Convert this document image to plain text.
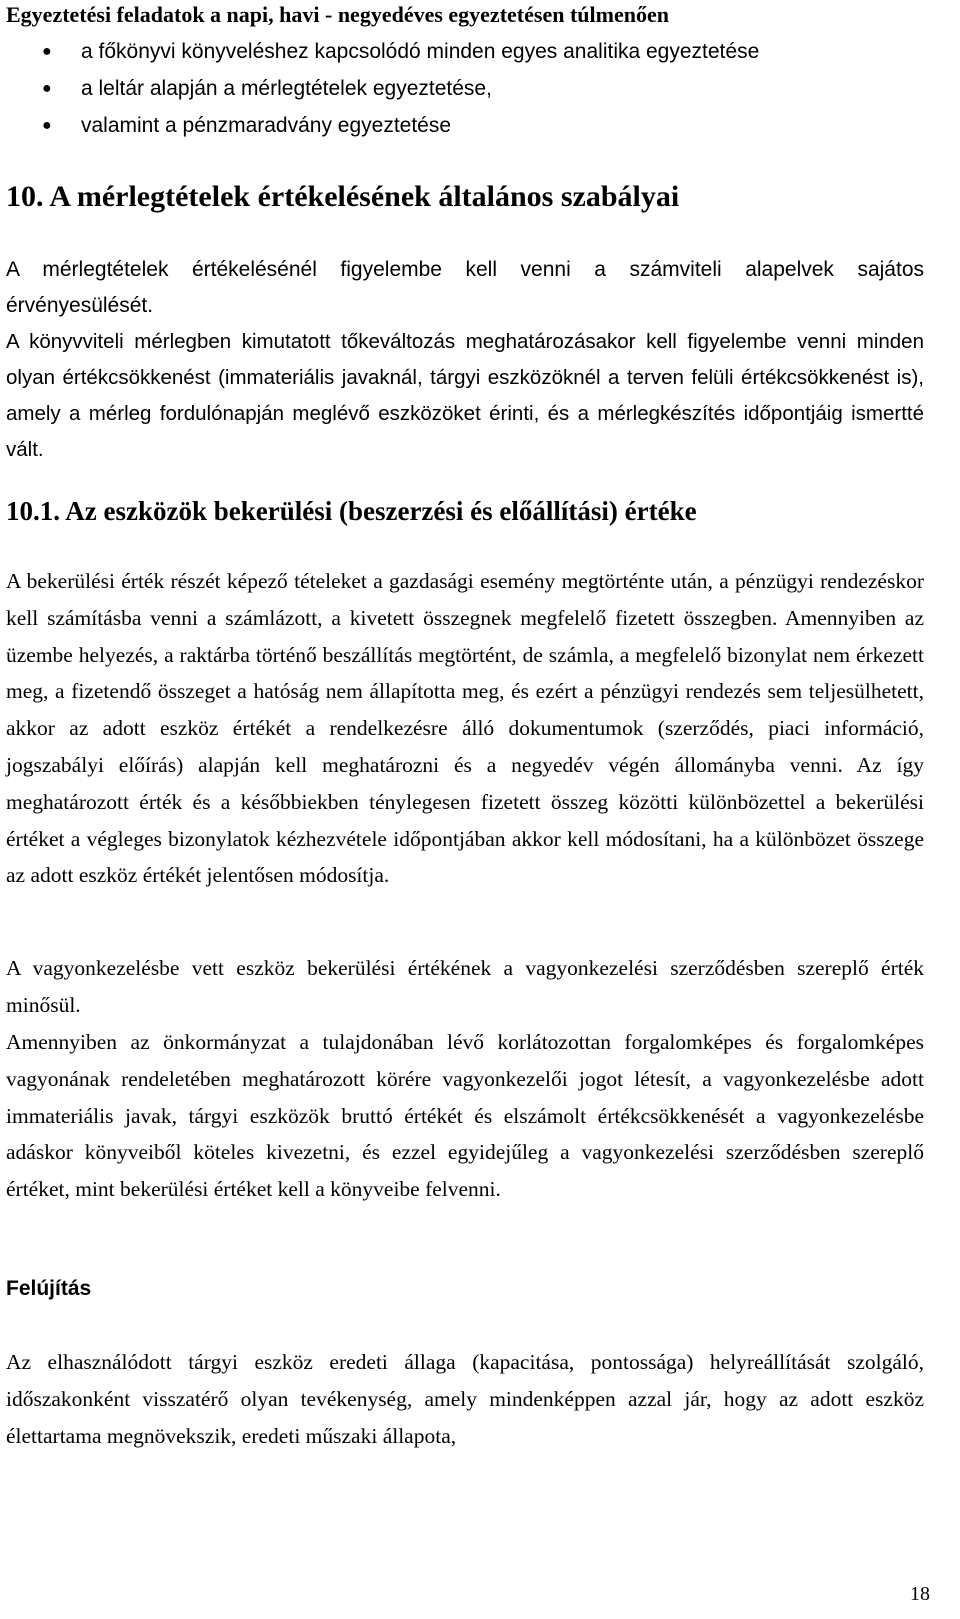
Egyeztetési feladatok a napi, havi - negyedéves egyeztetésen túlmenően
● a főkönyvi könyveléshez kapcsolódó minden egyes analitika egyeztetése
● a leltár alapján a mérlegtételek egyeztetése,
● valamint a pénzmaradvány egyeztetése
10. A mérlegtételek értékelésének általános szabályai

A mérlegtételek értékelésénél figyelembe kell venni a számviteli alapelvek sajátos érvényesülését.

A könyvviteli mérlegben kimutatott tőkeváltozás meghatározásakor kell figyelembe venni minden olyan értékcsökkenést (immateriális javaknál, tárgyi eszközöknél a terven felüli értékcsökkenést is), amely a mérleg fordulónapján meglévő eszközöket érinti, és a mérlegkészítés időpontjáig ismertté vált.

10.1. Az eszközök bekerülési (beszerzési és előállítási) értéke

A bekerülési érték részét képező tételeket a gazdasági esemény megtörténte után, a pénzügyi rendezéskor kell számításba venni a számlázott, a kivetett összegnek megfelelő fizetett összegben. Amennyiben az üzembe helyezés, a raktárba történő beszállítás megtörtént, de számla, a megfelelő bizonylat nem érkezett meg, a fizetendő összeget a hatóság nem állapította meg, és ezért a pénzügyi rendezés sem teljesülhetett, akkor az adott eszköz értékét a rendelkezésre álló dokumentumok (szerződés, piaci információ, jogszabályi előírás) alapján kell meghatározni és a negyedév végén állományba venni. Az így meghatározott érték és a későbbiekben ténylegesen fizetett összeg közötti különbözettel a bekerülési értéket a végleges bizonylatok kézhezvétele időpontjában akkor kell módosítani, ha a különbözet összege az adott eszköz értékét jelentősen módosítja.

A vagyonkezelésbe vett eszköz bekerülési értékének a vagyonkezelési szerződésben szereplő érték minősül.

Amennyiben az önkormányzat a tulajdonában lévő korlátozottan forgalomképes és forgalomképes vagyonának rendeletében meghatározott körére vagyonkezelői jogot létesít, a vagyonkezelésbe adott immateriális javak, tárgyi eszközök bruttó értékét és elszámolt értékcsökkenését a vagyonkezelésbe adáskor könyveiből köteles kivezetni, és ezzel egyidejűleg a vagyonkezelési szerződésben szereplő értéket, mint bekerülési értéket kell a könyveibe felvenni.

Felújítás

Az elhasználódott tárgyi eszköz eredeti állaga (kapacitása, pontossága) helyreállítását szolgáló, időszakonként visszatérő olyan tevékenység, amely mindenképpen azzal jár, hogy az adott eszköz élettartama megnövekszik, eredeti műszaki állapota,

18
